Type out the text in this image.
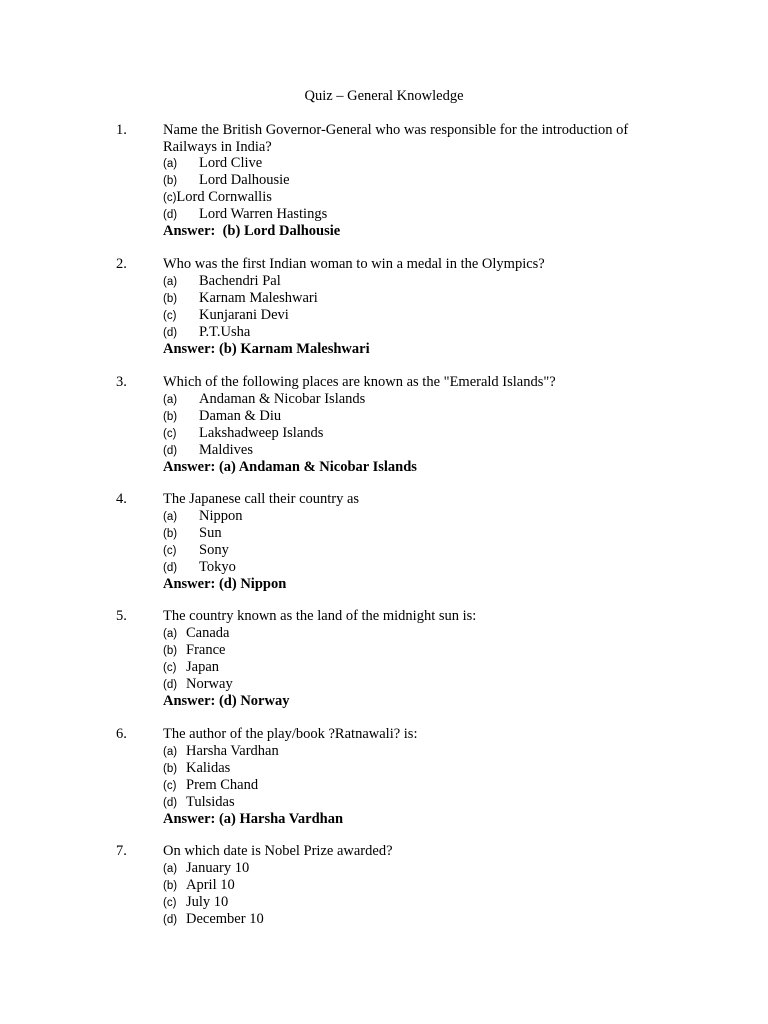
Quiz – General Knowledge
1. Name the British Governor-General who was responsible for the introduction of Railways in India?
(a) Lord Clive
(b) Lord Dalhousie
(c)Lord Cornwallis
(d) Lord Warren Hastings
Answer:  (b) Lord Dalhousie
2. Who was the first Indian woman to win a medal in the Olympics?
(a) Bachendri Pal
(b) Karnam Maleshwari
(c) Kunjarani Devi
(d) P.T.Usha
Answer: (b) Karnam Maleshwari
3. Which of the following places are known as the "Emerald Islands"?
(a) Andaman & Nicobar Islands
(b) Daman & Diu
(c) Lakshadweep Islands
(d) Maldives
Answer: (a) Andaman & Nicobar Islands
4. The Japanese call their country as
(a) Nippon
(b) Sun
(c) Sony
(d) Tokyo
Answer: (d) Nippon
5. The country known as the land of the midnight sun is:
(a) Canada
(b) France
(c) Japan
(d) Norway
Answer: (d) Norway
6. The author of the play/book ?Ratnawali? is:
(a) Harsha Vardhan
(b) Kalidas
(c) Prem Chand
(d) Tulsidas
Answer: (a) Harsha Vardhan
7. On which date is Nobel Prize awarded?
(a) January 10
(b) April 10
(c) July 10
(d) December 10
